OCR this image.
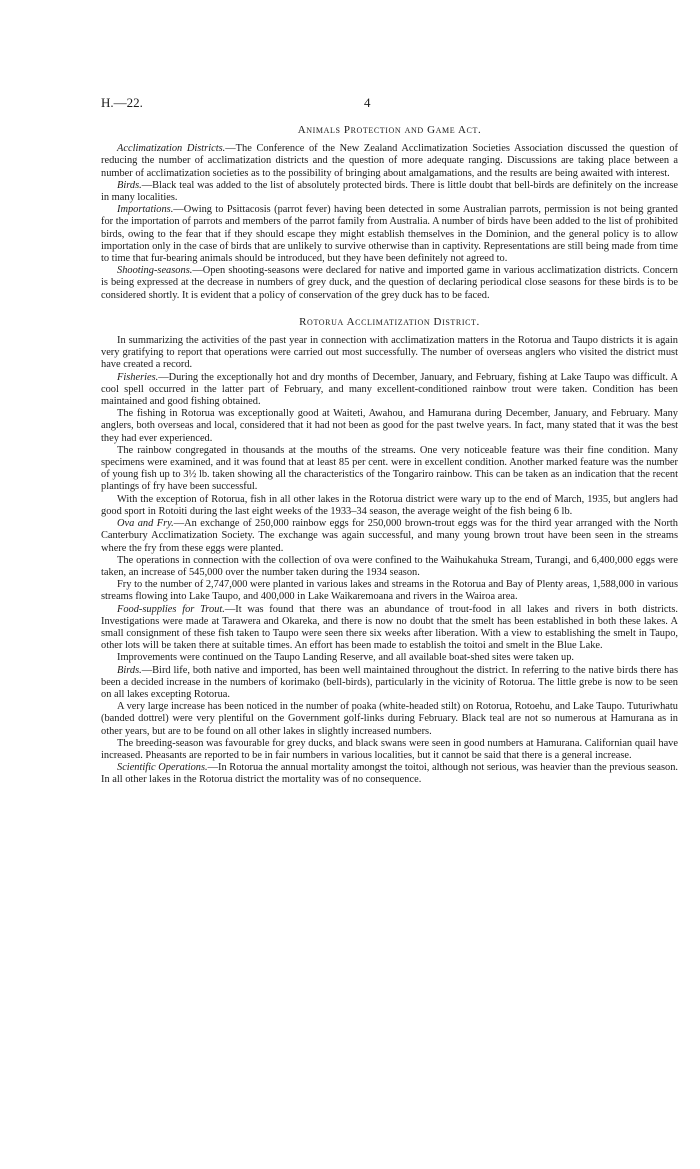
H.—22.	4
Animals Protection and Game Act.

Acclimatization Districts.—The Conference of the New Zealand Acclimatization Societies Association discussed the question of reducing the number of acclimatization districts and the question of more adequate ranging. Discussions are taking place between a number of acclimatization societies as to the possibility of bringing about amalgamations, and the results are being awaited with interest.

Birds.—Black teal was added to the list of absolutely protected birds. There is little doubt that bell-birds are definitely on the increase in many localities.

Importations.—Owing to Psittacosis (parrot fever) having been detected in some Australian parrots, permission is not being granted for the importation of parrots and members of the parrot family from Australia. A number of birds have been added to the list of prohibited birds, owing to the fear that if they should escape they might establish themselves in the Dominion, and the general policy is to allow importation only in the case of birds that are unlikely to survive otherwise than in captivity. Representations are still being made from time to time that fur-bearing animals should be introduced, but they have been definitely not agreed to.

Shooting-seasons.—Open shooting-seasons were declared for native and imported game in various acclimatization districts. Concern is being expressed at the decrease in numbers of grey duck, and the question of declaring periodical close seasons for these birds is to be considered shortly. It is evident that a policy of conservation of the grey duck has to be faced.

Rotorua Acclimatization District.

In summarizing the activities of the past year in connection with acclimatization matters in the Rotorua and Taupo districts it is again very gratifying to report that operations were carried out most successfully. The number of overseas anglers who visited the district must have created a record.

Fisheries.—During the exceptionally hot and dry months of December, January, and February, fishing at Lake Taupo was difficult. A cool spell occurred in the latter part of February, and many excellent-conditioned rainbow trout were taken. Condition has been maintained and good fishing obtained.

The fishing in Rotorua was exceptionally good at Waiteti, Awahou, and Hamurana during December, January, and February. Many anglers, both overseas and local, considered that it had not been as good for the past twelve years. In fact, many stated that it was the best they had ever experienced.

The rainbow congregated in thousands at the mouths of the streams. One very noticeable feature was their fine condition. Many specimens were examined, and it was found that at least 85 per cent. were in excellent condition. Another marked feature was the number of young fish up to 3½ lb. taken showing all the characteristics of the Tongariro rainbow. This can be taken as an indication that the recent plantings of fry have been successful.

With the exception of Rotorua, fish in all other lakes in the Rotorua district were wary up to the end of March, 1935, but anglers had good sport in Rotoiti during the last eight weeks of the 1933–34 season, the average weight of the fish being 6 lb.

Ova and Fry.—An exchange of 250,000 rainbow eggs for 250,000 brown-trout eggs was for the third year arranged with the North Canterbury Acclimatization Society. The exchange was again successful, and many young brown trout have been seen in the streams where the fry from these eggs were planted.

The operations in connection with the collection of ova were confined to the Waihukahuka Stream, Turangi, and 6,400,000 eggs were taken, an increase of 545,000 over the number taken during the 1934 season.

Fry to the number of 2,747,000 were planted in various lakes and streams in the Rotorua and Bay of Plenty areas, 1,588,000 in various streams flowing into Lake Taupo, and 400,000 in Lake Waikaremoana and rivers in the Wairoa area.

Food-supplies for Trout.—It was found that there was an abundance of trout-food in all lakes and rivers in both districts. Investigations were made at Tarawera and Okareka, and there is now no doubt that the smelt has been established in both these lakes. A small consignment of these fish taken to Taupo were seen there six weeks after liberation. With a view to establishing the smelt in Taupo, other lots will be taken there at suitable times. An effort has been made to establish the toitoi and smelt in the Blue Lake.

Improvements were continued on the Taupo Landing Reserve, and all available boat-shed sites were taken up.

Birds.—Bird life, both native and imported, has been well maintained throughout the district. In referring to the native birds there has been a decided increase in the numbers of korimako (bell-birds), particularly in the vicinity of Rotorua. The little grebe is now to be seen on all lakes excepting Rotorua.

A very large increase has been noticed in the number of poaka (white-headed stilt) on Rotorua, Rotoehu, and Lake Taupo. Tuturiwhatu (banded dottrel) were very plentiful on the Government golf-links during February. Black teal are not so numerous at Hamurana as in other years, but are to be found on all other lakes in slightly increased numbers.

The breeding-season was favourable for grey ducks, and black swans were seen in good numbers at Hamurana. Californian quail have increased. Pheasants are reported to be in fair numbers in various localities, but it cannot be said that there is a general increase.

Scientific Operations.—In Rotorua the annual mortality amongst the toitoi, although not serious, was heavier than the previous season. In all other lakes in the Rotorua district the mortality was of no consequence.
